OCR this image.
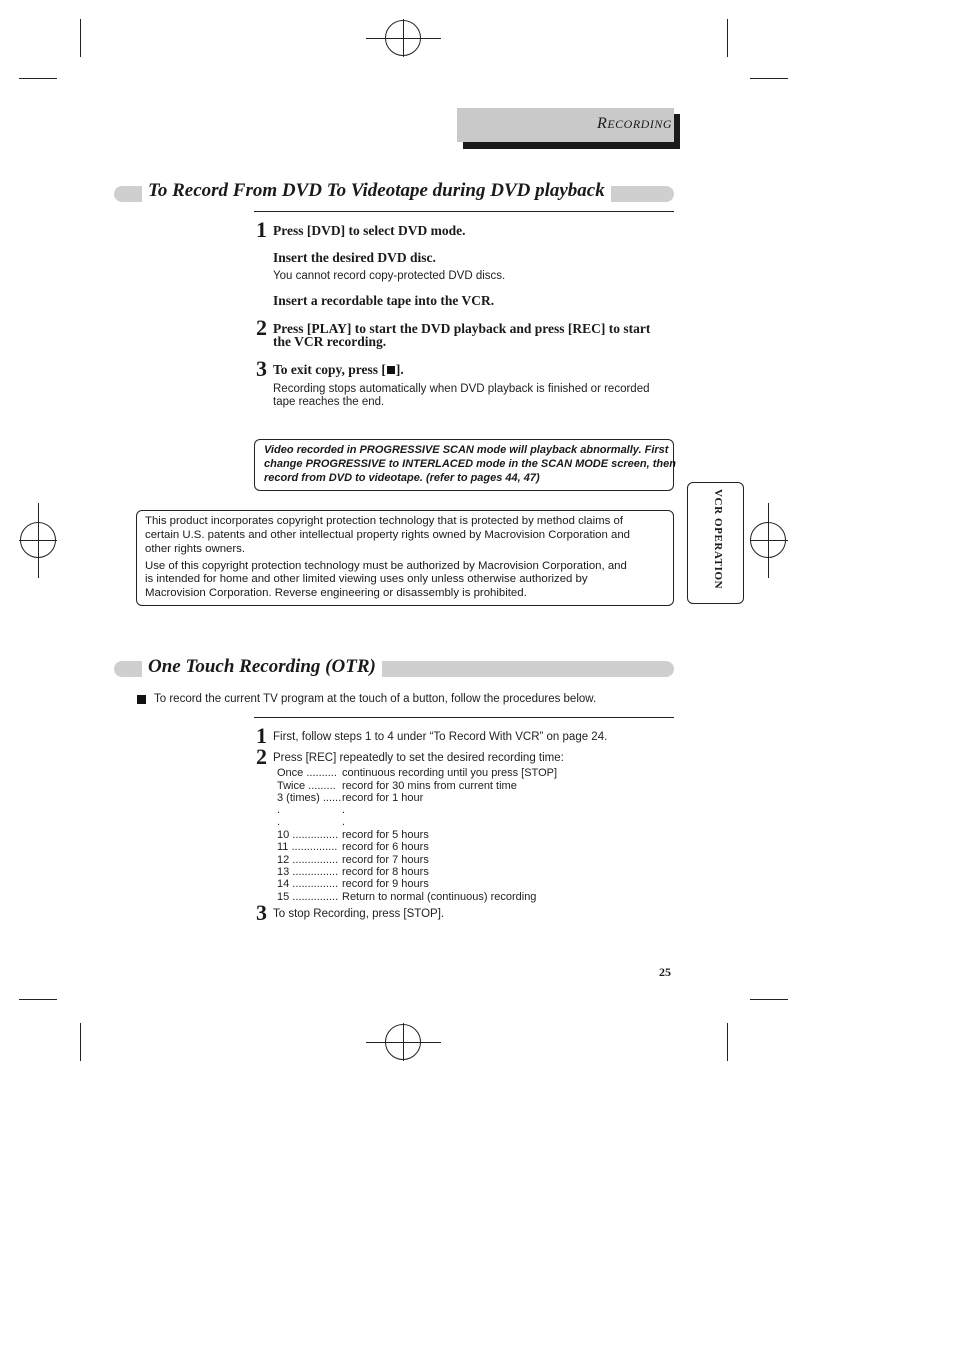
RECORDING
To Record From DVD To Videotape during DVD playback
1 Press [DVD] to select DVD mode.
Insert the desired DVD disc.
You cannot record copy-protected DVD discs.
Insert a recordable tape into the VCR.
2 Press [PLAY] to start the DVD playback and press [REC] to start
the VCR recording.
3 To exit copy, press [ ].
Recording stops automatically when DVD playback is finished or recorded
tape reaches the end.
Video recorded in PROGRESSIVE SCAN mode will playback abnormally. First
change PROGRESSIVE to INTERLACED mode in the SCAN MODE screen, then
record from DVD to videotape. (refer to pages 44, 47)
This product incorporates copyright protection technology that is protected by method claims of
certain U.S. patents and other intellectual property rights owned by Macrovision Corporation and
other rights owners.
Use of this copyright protection technology must be authorized by Macrovision Corporation, and
is intended for home and other limited viewing uses only unless otherwise authorized by
Macrovision Corporation. Reverse engineering or disassembly is prohibited.
VCR OPERATION
One Touch Recording (OTR)
To record the current TV program at the touch of a button, follow the procedures below.
1 First, follow steps 1 to 4 under “To Record With VCR” on page 24.
2 Press [REC] repeatedly to set the desired recording time:
Once .......... continuous recording until you press [STOP]
Twice ......... record for 30 mins from current time
3 (times) ...... record for 1 hour
.	.
.	.
10 ............... record for 5 hours
11 ............... record for 6 hours
12 ............... record for 7 hours
13 ............... record for 8 hours
14 ............... record for 9 hours
15 ............... Return to normal (continuous) recording
3 To stop Recording, press [STOP].
25
